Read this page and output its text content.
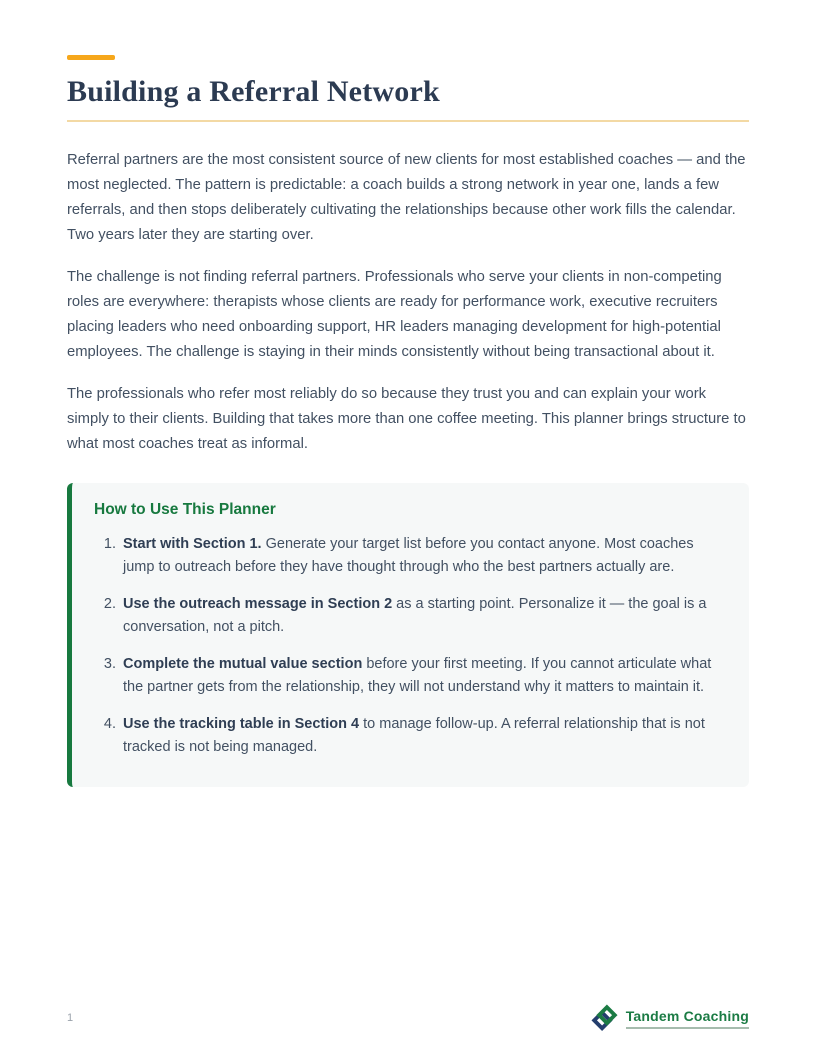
Building a Referral Network

Referral partners are the most consistent source of new clients for most established coaches — and the most neglected. The pattern is predictable: a coach builds a strong network in year one, lands a few referrals, and then stops deliberately cultivating the relationships because other work fills the calendar. Two years later they are starting over.

The challenge is not finding referral partners. Professionals who serve your clients in non-competing roles are everywhere: therapists whose clients are ready for performance work, executive recruiters placing leaders who need onboarding support, HR leaders managing development for high-potential employees. The challenge is staying in their minds consistently without being transactional about it.

The professionals who refer most reliably do so because they trust you and can explain your work simply to their clients. Building that takes more than one coffee meeting. This planner brings structure to what most coaches treat as informal.

How to Use This Planner
1. Start with Section 1. Generate your target list before you contact anyone. Most coaches jump to outreach before they have thought through who the best partners actually are.
2. Use the outreach message in Section 2 as a starting point. Personalize it — the goal is a conversation, not a pitch.
3. Complete the mutual value section before your first meeting. If you cannot articulate what the partner gets from the relationship, they will not understand why it matters to maintain it.
4. Use the tracking table in Section 4 to manage follow-up. A referral relationship that is not tracked is not being managed.
1	Tandem Coaching
